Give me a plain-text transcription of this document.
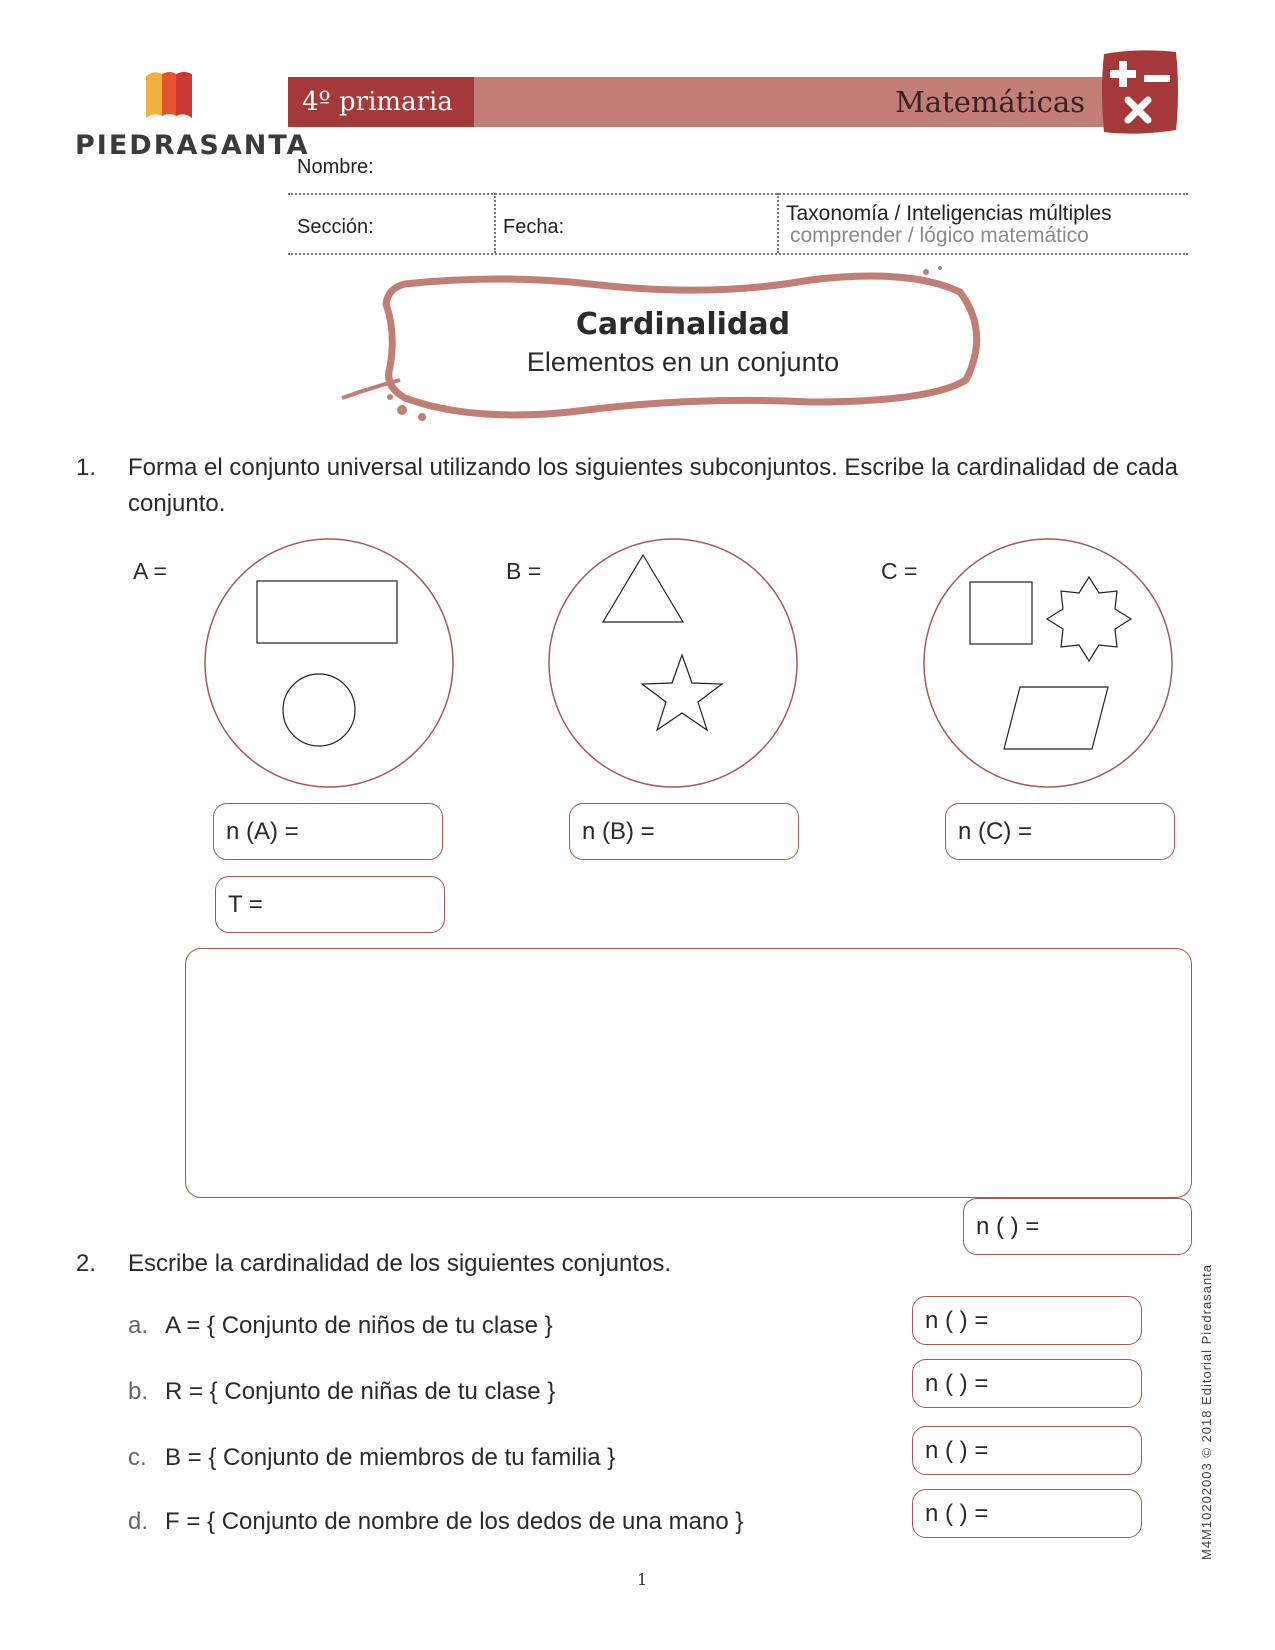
PIEDRASANTA
4º primaria	Matemáticas
Nombre:
Sección:	Fecha:
Taxonomía / Inteligencias múltiples
comprender / lógico matemático
Cardinalidad
Elementos en un conjunto
1. Forma el conjunto universal utilizando los siguientes subconjuntos. Escribe la cardinalidad de cada conjunto.
A =
n (A) =
B =
n (B) =
C =
n (C) =
T =
n ( ) =
2. Escribe la cardinalidad de los siguientes conjuntos.
a. A = { Conjunto de niños de tu clase }	n ( ) =
b. R = { Conjunto de niñas de tu clase }	n ( ) =
c. B = { Conjunto de miembros de tu familia }	n ( ) =
d. F = { Conjunto de nombre de los dedos de una mano }	n ( ) =	M4M10202003 © 2018 Editorial Piedrasanta
1
